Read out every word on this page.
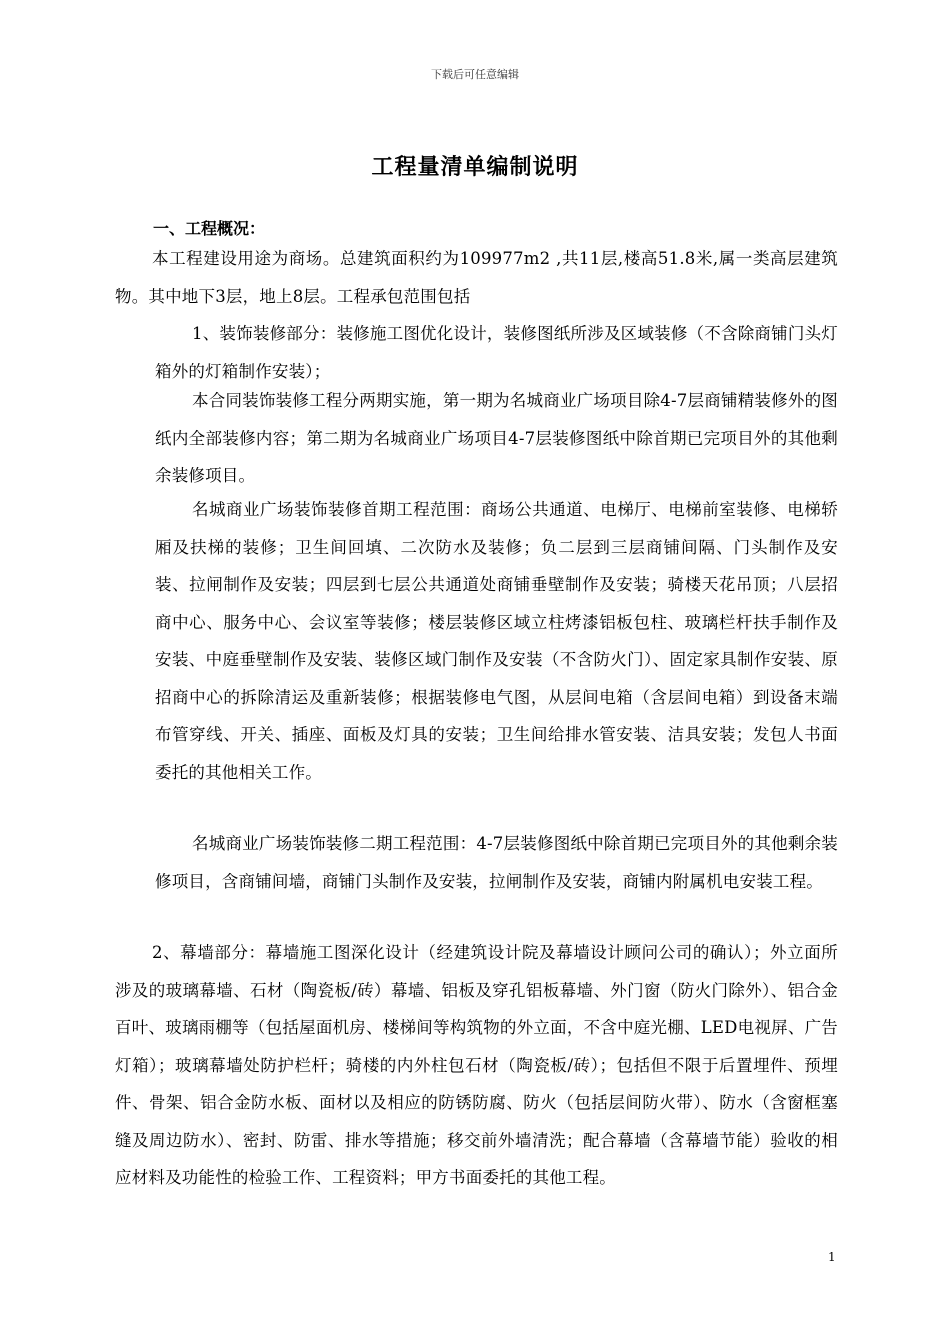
下载后可任意编辑
工程量清单编制说明
一、工程概况：

本工程建设用途为商场。总建筑面积约为109977m2 ,共11层,楼高51.8米,属一类高层建筑物。其中地下3层，地上8层。工程承包范围包括

1、装饰装修部分：装修施工图优化设计，装修图纸所涉及区域装修（不含除商铺门头灯箱外的灯箱制作安装）；

本合同装饰装修工程分两期实施，第一期为名城商业广场项目除4-7层商铺精装修外的图纸内全部装修内容；第二期为名城商业广场项目4-7层装修图纸中除首期已完项目外的其他剩余装修项目。

名城商业广场装饰装修首期工程范围：商场公共通道、电梯厅、电梯前室装修、电梯轿厢及扶梯的装修；卫生间回填、二次防水及装修；负二层到三层商铺间隔、门头制作及安装、拉闸制作及安装；四层到七层公共通道处商铺垂壁制作及安装；骑楼天花吊顶；八层招商中心、服务中心、会议室等装修；楼层装修区域立柱烤漆铝板包柱、玻璃栏杆扶手制作及安装、中庭垂壁制作及安装、装修区域门制作及安装（不含防火门）、固定家具制作安装、原招商中心的拆除清运及重新装修；根据装修电气图，从层间电箱（含层间电箱）到设备末端布管穿线、开关、插座、面板及灯具的安装；卫生间给排水管安装、洁具安装；发包人书面委托的其他相关工作。

名城商业广场装饰装修二期工程范围：4-7层装修图纸中除首期已完项目外的其他剩余装修项目，含商铺间墙，商铺门头制作及安装，拉闸制作及安装，商铺内附属机电安装工程。

2、幕墙部分：幕墙施工图深化设计（经建筑设计院及幕墙设计顾问公司的确认）；外立面所涉及的玻璃幕墙、石材（陶瓷板/砖）幕墙、铝板及穿孔铝板幕墙、外门窗（防火门除外）、铝合金百叶、玻璃雨棚等（包括屋面机房、楼梯间等构筑物的外立面，不含中庭光棚、LED电视屏、广告灯箱）；玻璃幕墙处防护栏杆；骑楼的内外柱包石材（陶瓷板/砖）；包括但不限于后置埋件、预埋件、骨架、铝合金防水板、面材以及相应的防锈防腐、防火（包括层间防火带）、防水（含窗框塞缝及周边防水）、密封、防雷、排水等措施；移交前外墙清洗；配合幕墙（含幕墙节能）验收的相应材料及功能性的检验工作、工程资料；甲方书面委托的其他工程。

1
